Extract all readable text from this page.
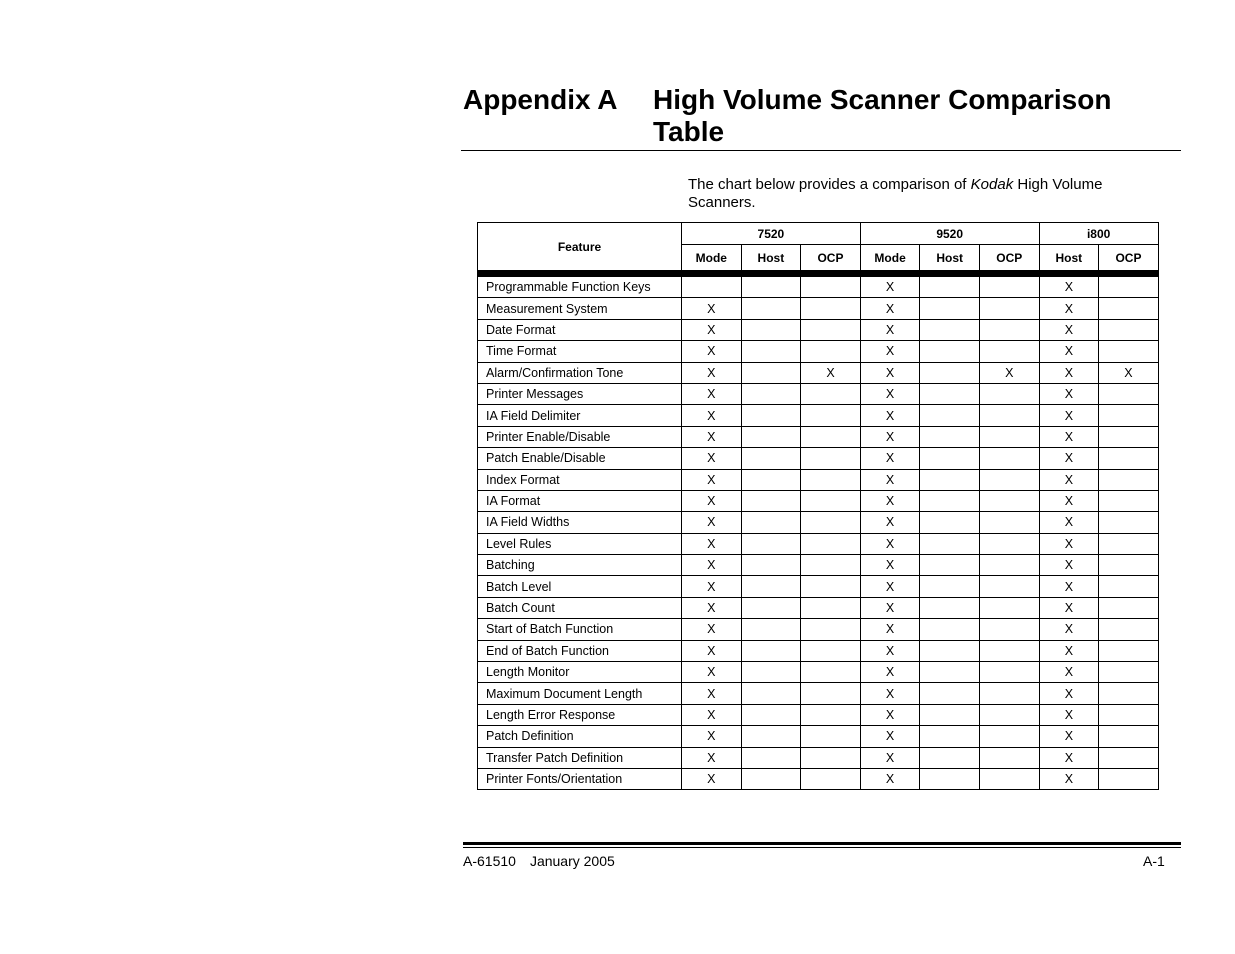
Appendix A High Volume Scanner Comparison Table
The chart below provides a comparison of Kodak High Volume Scanners.
Feature	7520			9520			i800	
	Mode	Host	OCP	Mode	Host	OCP	Host	OCP

Programmable Function Keys				X			X	
Measurement System	X			X			X	
Date Format	X			X			X	
Time Format	X			X			X	
Alarm/Confirmation Tone	X		X	X		X	X	X
Printer Messages	X			X			X	
IA Field Delimiter	X			X			X	
Printer Enable/Disable	X			X			X	
Patch Enable/Disable	X			X			X	
Index Format	X			X			X	
IA Format	X			X			X	
IA Field Widths	X			X			X	
Level Rules	X			X			X	
Batching	X			X			X	
Batch Level	X			X			X	
Batch Count	X			X			X	
Start of Batch Function	X			X			X	
End of Batch Function	X			X			X	
Length Monitor	X			X			X	
Maximum Document Length	X			X			X	
Length Error Response	X			X			X	
Patch Definition	X			X			X	
Transfer Patch Definition	X			X			X	
Printer Fonts/Orientation	X			X			X	
A-61510 January 2005	A-1
